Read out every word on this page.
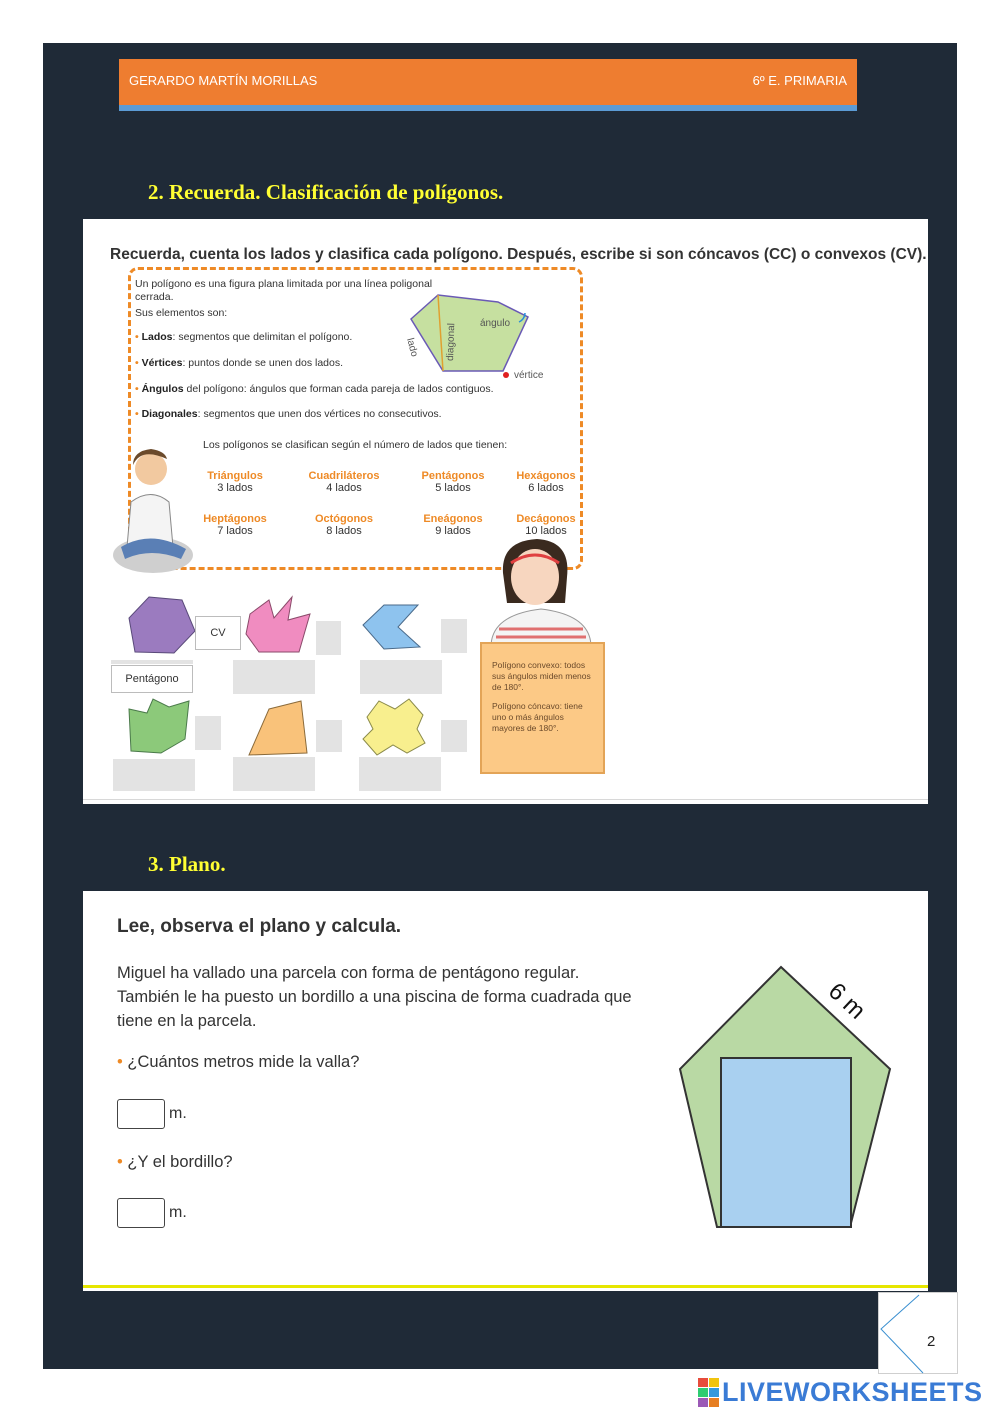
GERARDO MARTÍN MORILLAS	6º E. PRIMARIA
2. Recuerda. Clasificación de polígonos.
Recuerda, cuenta los lados y clasifica cada polígono. Después, escribe si son cóncavos (CC) o convexos (CV).
Un polígono es una figura plana limitada por una línea poligonal cerrada.
Sus elementos son:
• Lados: segmentos que delimitan el polígono.
• Vértices: puntos donde se unen dos lados.
• Ángulos del polígono: ángulos que forman cada pareja de lados contiguos.
• Diagonales: segmentos que unen dos vértices no consecutivos.
lado	diagonal ángulo
vértice
Los polígonos se clasifican según el número de lados que tienen:
Triángulos
3 lados
Cuadriláteros
4 lados
Pentágonos
5 lados
Hexágonos
6 lados
Heptágonos
7 lados
Octógonos
8 lados
Eneágonos
9 lados
Decágonos
10 lados
CV
Pentágono

Polígono convexo: todos sus ángulos miden menos de 180°.

Polígono cóncavo: tiene uno o más ángulos mayores de 180°.

3. Plano.
Lee, observa el plano y calcula.
Miguel ha vallado una parcela con forma de pentágono regular. También le ha puesto un bordillo a una piscina de forma cuadrada que tiene en la parcela.
• ¿Cuántos metros mide la valla?
m.
• ¿Y el bordillo?
m.
6 m
2
LIVEWORKSHEETS
